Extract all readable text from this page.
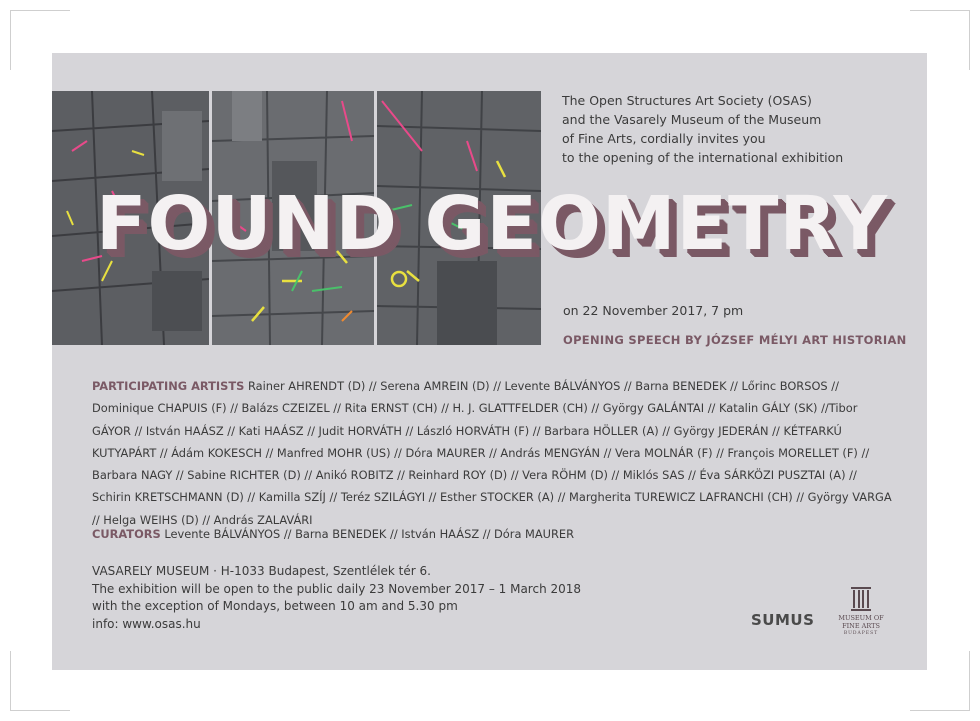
The Open Structures Art Society (OSAS)
and the Vasarely Museum of the Museum
of Fine Arts, cordially invites you
to the opening of the international exhibition
FOUND GEOMETRY
on 22 November 2017, 7 pm
OPENING SPEECH BY JÓZSEF MÉLYI ART HISTORIAN
PARTICIPATING ARTISTS Rainer AHRENDT (D) // Serena AMREIN (D) // Levente BÁLVÁNYOS // Barna BENEDEK // Lőrinc BORSOS // Dominique CHAPUIS (F) // Balázs CZEIZEL // Rita ERNST (CH) // H. J. GLATTFELDER (CH) // György GALÁNTAI // Katalin GÁLY (SK) //Tibor GÁYOR // István HAÁSZ // Kati HAÁSZ // Judit HORVÁTH // László HORVÁTH (F) // Barbara HÖLLER (A) // György JEDERÁN // KÉTFARKÚ KUTYAPÁRT // Ádám KOKESCH // Manfred MOHR (US) // Dóra MAURER // András MENGYÁN // Vera MOLNÁR (F) // François MORELLET (F) // Barbara NAGY // Sabine RICHTER (D) // Anikó ROBITZ // Reinhard ROY (D) // Vera RÖHM (D) // Miklós SAS // Éva SÁRKÖZI PUSZTAI (A) // Schirin KRETSCHMANN (D) // Kamilla SZÍJ // Teréz SZILÁGYI // Esther STOCKER (A) // Margherita TUREWICZ LAFRANCHI (CH) // György VARGA // Helga WEIHS (D) // András ZALAVÁRI
CURATORS Levente BÁLVÁNYOS // Barna BENEDEK // István HAÁSZ // Dóra MAURER
VASARELY MUSEUM · H-1033 Budapest, Szentlélek tér 6.
The exhibition will be open to the public daily 23 November 2017 – 1 March 2018
with the exception of Mondays, between 10 am and 5.30 pm
info: www.osas.hu	SUMUS	MUSEUM OF
FINE ARTS
BUDAPEST
